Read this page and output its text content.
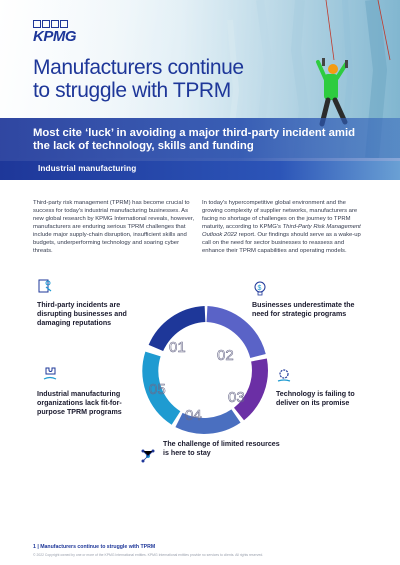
KPMG
Manufacturers continue to struggle with TPRM
Most cite ‘luck’ in avoiding a major third-party incident amid the lack of technology, skills and funding
Industrial manufacturing
Third-party risk management (TPRM) has become crucial to success for today's industrial manufacturing businesses. As new global research by KPMG International reveals, however, manufacturers are enduring serious TPRM challenges that include major supply-chain disruption, insufficient skills and budgets, underperforming technology and soaring cyber threats.
In today's hypercompetitive global environment and the growing complexity of supplier networks, manufacturers are facing no shortage of challenges on the journey to TPRM maturity, according to KPMG's Third-Party Risk Management Outlook 2022 report. Our findings should serve as a wake-up call on the need for sector businesses to reassess and enhance their TPRM capabilities and operating models.
01 02
03
04
05
Third-party incidents are disrupting businesses and damaging reputations
$
Businesses underestimate the need for strategic programs
Technology is failing to deliver on its promise
The challenge of limited resources is here to stay
Industrial manufacturing organizations lack fit-for-purpose TPRM programs
1 | Manufacturers continue to struggle with TPRM
© 2022 Copyright owned by one or more of the KPMG International entities. KPMG International entities provide no services to clients. All rights reserved.
